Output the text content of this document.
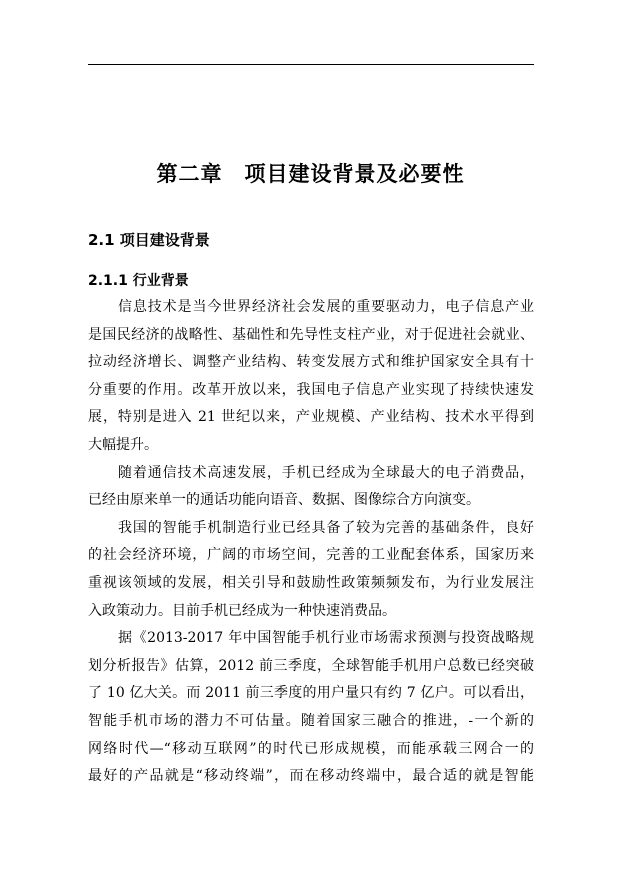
第二章　项目建设背景及必要性
2.1 项目建设背景
2.1.1 行业背景
信息技术是当今世界经济社会发展的重要驱动力，电子信息产业
是国民经济的战略性、基础性和先导性支柱产业，对于促进社会就业、
拉动经济增长、调整产业结构、转变发展方式和维护国家安全具有十
分重要的作用。改革开放以来，我国电子信息产业实现了持续快速发
展，特别是进入 21 世纪以来，产业规模、产业结构、技术水平得到
大幅提升。
随着通信技术高速发展，手机已经成为全球最大的电子消费品，
已经由原来单一的通话功能向语音、数据、图像综合方向演变。
我国的智能手机制造行业已经具备了较为完善的基础条件，良好
的社会经济环境，广阔的市场空间，完善的工业配套体系，国家历来
重视该领域的发展，相关引导和鼓励性政策频频发布，为行业发展注
入政策动力。目前手机已经成为一种快速消费品。
据《2013-2017 年中国智能手机行业市场需求预测与投资战略规
划分析报告》估算，2012 前三季度，全球智能手机用户总数已经突破
了 10 亿大关。而 2011 前三季度的用户量只有约 7 亿户。可以看出，
智能手机市场的潜力不可估量。随着国家三融合的推进，-一个新的
网络时代—“移动互联网”的时代已形成规模，而能承载三网合一的
最好的产品就是“移动终端”，而在移动终端中，最合适的就是智能
